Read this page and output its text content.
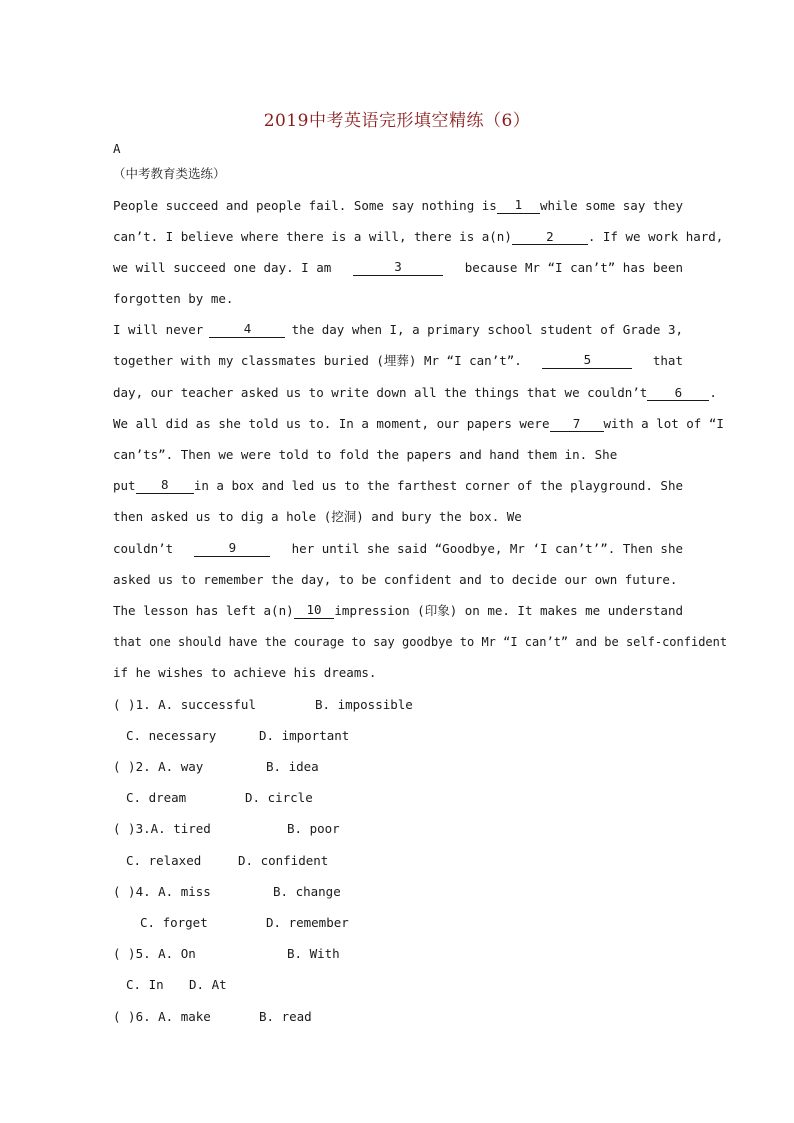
2019中考英语完形填空精练（6）
A
（中考教育类选练）
People succeed and people fail. Some say nothing is	1	while some say they
can’t. I believe where there is a will, there is a(n)	2	. If we work hard,
we will succeed one day. I am	3	because Mr “I can’t” has been
forgotten by me.
I will never	4	the day when I, a primary school student of Grade 3,
together with my classmates buried (埋葬) Mr “I can’t”.	5	that
day, our teacher asked us to write down all the things that we couldn’t	6 .
We all did as she told us to. In a moment, our papers were	7 with a lot of “I
can’ts”. Then we were told to fold the papers and hand them in. She
put	8	in a box and led us to the farthest corner of the playground. She
then asked us to dig a hole (挖洞) and bury the box. We
couldn’t	9	her until she said “Goodbye, Mr ‘I can’t’”. Then she
asked us to remember the day, to be confident and to decide our own future.
The lesson has left a(n)	10	impression (印象) on me. It makes me understand
that one should have the courage to say goodbye to Mr “I can’t” and be self-confident
if he wishes to achieve his dreams.
( )1. A. successful	B. impossible
C. necessary	D. important
( )2. A. way	B. idea
C. dream	D. circle
( )3.A. tired	B. poor
C. relaxed	D. confident
( )4. A. miss	B. change
C. forget	D. remember
( )5. A. On	B. With
C. In D. At
( )6. A. make	B. read
